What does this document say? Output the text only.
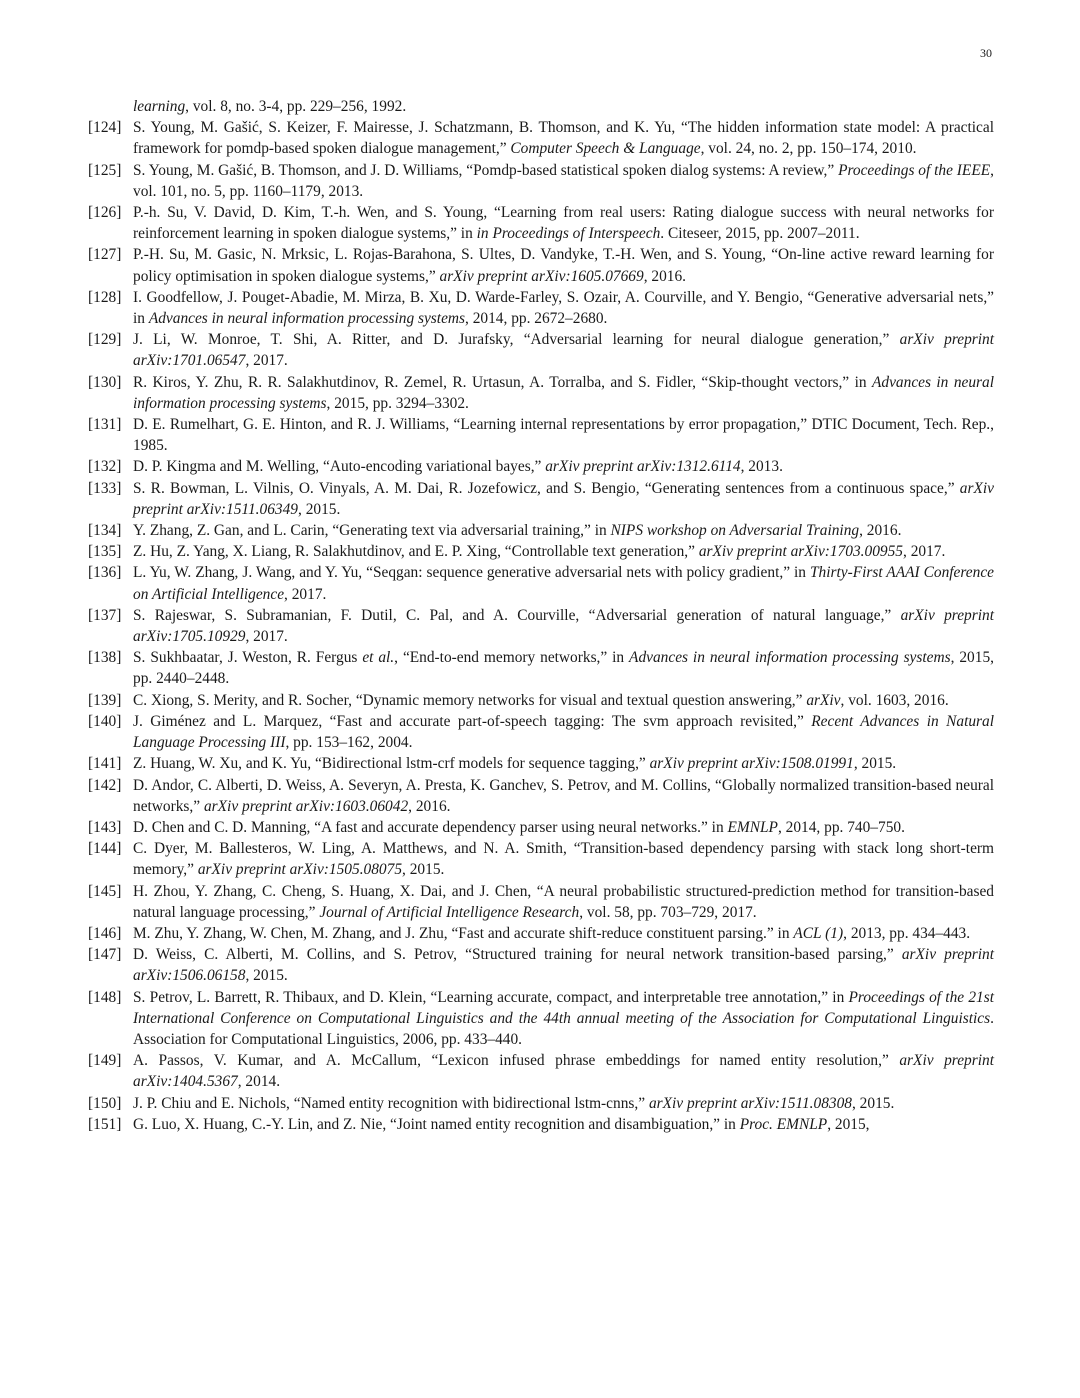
30
learning, vol. 8, no. 3-4, pp. 229–256, 1992.
[124] S. Young, M. Gašić, S. Keizer, F. Mairesse, J. Schatzmann, B. Thomson, and K. Yu, “The hidden information state model: A practical framework for pomdp-based spoken dialogue management,” Computer Speech & Language, vol. 24, no. 2, pp. 150–174, 2010.
[125] S. Young, M. Gašić, B. Thomson, and J. D. Williams, “Pomdp-based statistical spoken dialog systems: A review,” Proceedings of the IEEE, vol. 101, no. 5, pp. 1160–1179, 2013.
[126] P.-h. Su, V. David, D. Kim, T.-h. Wen, and S. Young, “Learning from real users: Rating dialogue success with neural networks for reinforcement learning in spoken dialogue systems,” in in Proceedings of Interspeech. Citeseer, 2015, pp. 2007–2011.
[127] P.-H. Su, M. Gasic, N. Mrksic, L. Rojas-Barahona, S. Ultes, D. Vandyke, T.-H. Wen, and S. Young, “On-line active reward learning for policy optimisation in spoken dialogue systems,” arXiv preprint arXiv:1605.07669, 2016.
[128] I. Goodfellow, J. Pouget-Abadie, M. Mirza, B. Xu, D. Warde-Farley, S. Ozair, A. Courville, and Y. Bengio, “Generative adversarial nets,” in Advances in neural information processing systems, 2014, pp. 2672–2680.
[129] J. Li, W. Monroe, T. Shi, A. Ritter, and D. Jurafsky, “Adversarial learning for neural dialogue generation,” arXiv preprint arXiv:1701.06547, 2017.
[130] R. Kiros, Y. Zhu, R. R. Salakhutdinov, R. Zemel, R. Urtasun, A. Torralba, and S. Fidler, “Skip-thought vectors,” in Advances in neural information processing systems, 2015, pp. 3294–3302.
[131] D. E. Rumelhart, G. E. Hinton, and R. J. Williams, “Learning internal representations by error propagation,” DTIC Document, Tech. Rep., 1985.
[132] D. P. Kingma and M. Welling, “Auto-encoding variational bayes,” arXiv preprint arXiv:1312.6114, 2013.
[133] S. R. Bowman, L. Vilnis, O. Vinyals, A. M. Dai, R. Jozefowicz, and S. Bengio, “Generating sentences from a continuous space,” arXiv preprint arXiv:1511.06349, 2015.
[134] Y. Zhang, Z. Gan, and L. Carin, “Generating text via adversarial training,” in NIPS workshop on Adversarial Training, 2016.
[135] Z. Hu, Z. Yang, X. Liang, R. Salakhutdinov, and E. P. Xing, “Controllable text generation,” arXiv preprint arXiv:1703.00955, 2017.
[136] L. Yu, W. Zhang, J. Wang, and Y. Yu, “Seqgan: sequence generative adversarial nets with policy gradient,” in Thirty-First AAAI Conference on Artificial Intelligence, 2017.
[137] S. Rajeswar, S. Subramanian, F. Dutil, C. Pal, and A. Courville, “Adversarial generation of natural language,” arXiv preprint arXiv:1705.10929, 2017.
[138] S. Sukhbaatar, J. Weston, R. Fergus et al., “End-to-end memory networks,” in Advances in neural information processing systems, 2015, pp. 2440–2448.
[139] C. Xiong, S. Merity, and R. Socher, “Dynamic memory networks for visual and textual question answering,” arXiv, vol. 1603, 2016.
[140] J. Giménez and L. Marquez, “Fast and accurate part-of-speech tagging: The svm approach revisited,” Recent Advances in Natural Language Processing III, pp. 153–162, 2004.
[141] Z. Huang, W. Xu, and K. Yu, “Bidirectional lstm-crf models for sequence tagging,” arXiv preprint arXiv:1508.01991, 2015.
[142] D. Andor, C. Alberti, D. Weiss, A. Severyn, A. Presta, K. Ganchev, S. Petrov, and M. Collins, “Globally normalized transition-based neural networks,” arXiv preprint arXiv:1603.06042, 2016.
[143] D. Chen and C. D. Manning, “A fast and accurate dependency parser using neural networks.” in EMNLP, 2014, pp. 740–750.
[144] C. Dyer, M. Ballesteros, W. Ling, A. Matthews, and N. A. Smith, “Transition-based dependency parsing with stack long short-term memory,” arXiv preprint arXiv:1505.08075, 2015.
[145] H. Zhou, Y. Zhang, C. Cheng, S. Huang, X. Dai, and J. Chen, “A neural probabilistic structured-prediction method for transition-based natural language processing,” Journal of Artificial Intelligence Research, vol. 58, pp. 703–729, 2017.
[146] M. Zhu, Y. Zhang, W. Chen, M. Zhang, and J. Zhu, “Fast and accurate shift-reduce constituent parsing.” in ACL (1), 2013, pp. 434–443.
[147] D. Weiss, C. Alberti, M. Collins, and S. Petrov, “Structured training for neural network transition-based parsing,” arXiv preprint arXiv:1506.06158, 2015.
[148] S. Petrov, L. Barrett, R. Thibaux, and D. Klein, “Learning accurate, compact, and interpretable tree annotation,” in Proceedings of the 21st International Conference on Computational Linguistics and the 44th annual meeting of the Association for Computational Linguistics. Association for Computational Linguistics, 2006, pp. 433–440.
[149] A. Passos, V. Kumar, and A. McCallum, “Lexicon infused phrase embeddings for named entity resolution,” arXiv preprint arXiv:1404.5367, 2014.
[150] J. P. Chiu and E. Nichols, “Named entity recognition with bidirectional lstm-cnns,” arXiv preprint arXiv:1511.08308, 2015.
[151] G. Luo, X. Huang, C.-Y. Lin, and Z. Nie, “Joint named entity recognition and disambiguation,” in Proc. EMNLP, 2015,
